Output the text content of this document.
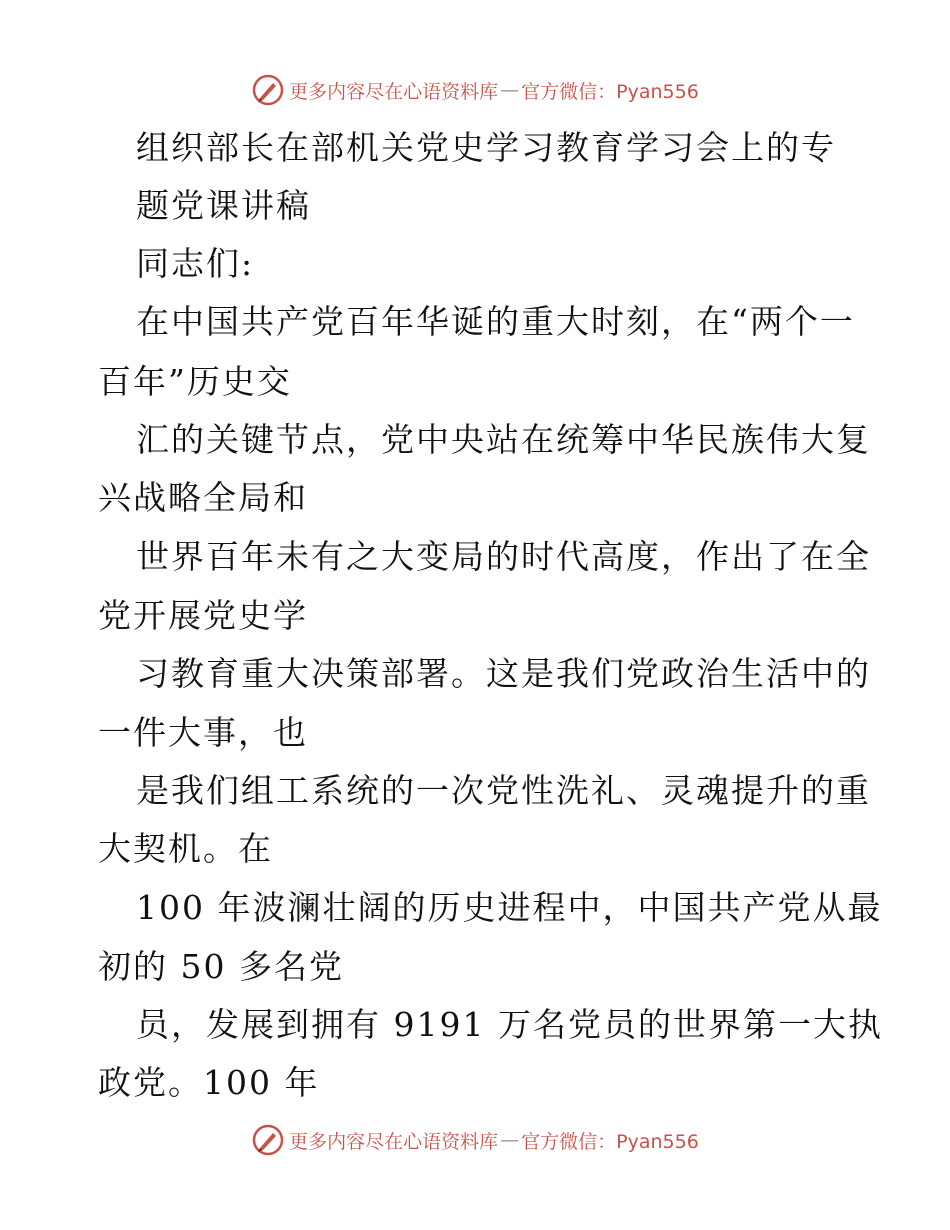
更多内容尽在心语资料库 — 官方微信：Pyan556
组织部长在部机关党史学习教育学习会上的专
题党课讲稿
同志们:
在中国共产党百年华诞的重大时刻，在“两个一
百年”历史交
汇的关键节点，党中央站在统筹中华民族伟大复
兴战略全局和
世界百年未有之大变局的时代高度，作出了在全
党开展党史学
习教育重大决策部署。这是我们党政治生活中的
一件大事，也
是我们组工系统的一次党性洗礼、灵魂提升的重
大契机。在
100 年波澜壮阔的历史进程中，中国共产党从最
初的 50 多名党
员，发展到拥有 9191 万名党员的世界第一大执
政党。100 年
更多内容尽在心语资料库 — 官方微信：Pyan556
